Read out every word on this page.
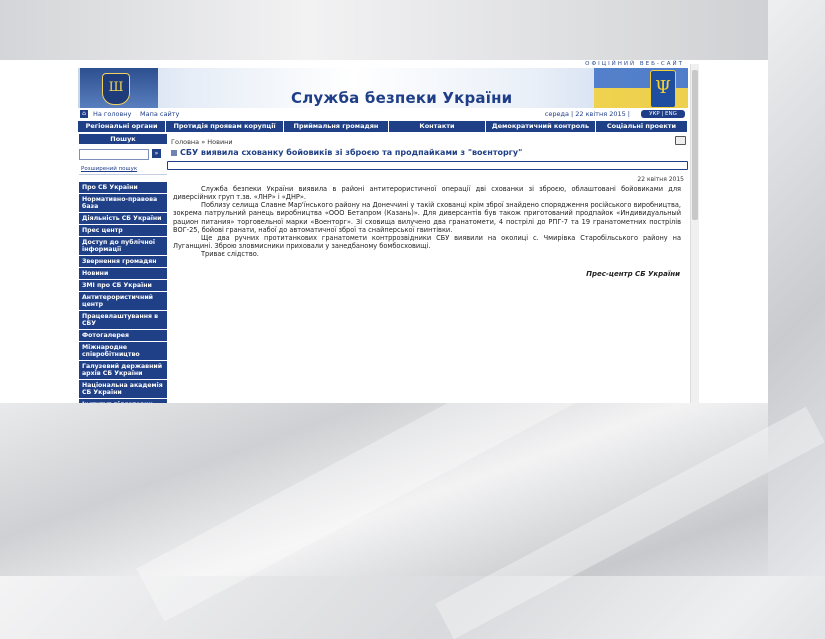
ОФІЦІЙНИЙ ВЕБ-САЙТ
Ш
Служба безпеки України	Ψ
⌂	На головну Мапа сайту	середа | 22 квітня 2015 |	УКР | ENG
Регіональні органи	Протидія проявам корупції	Приймальня громадян	Контакти	Демократичний контроль	Соціальні проекти
Пошук
»
Розширений пошук
Про СБ України
Нормативно-правова база
Діяльність СБ України
Прес центр
Доступ до публічної інформації
Звернення громадян
Новини
ЗМІ про СБ України
Антитерористичний центр
Працевлаштування в СБУ
Фотогалерея
Міжнародне співробітництво
Галузевий державний архів СБ України
Національна академія СБ України
Головна » Новини
СБУ виявила схованку бойовиків зі зброєю та продпайками з "воєнторгу"
22 квітня 2015

Служба безпеки України виявила в районі антитерористичної операції дві схованки зі зброєю, облаштовані бойовиками для диверсійних груп т.зв. «ЛНР» і «ДНР».

Поблизу селища Славне Мар'їнського району на Донеччині у такій схованці крім зброї знайдено спорядження російського виробництва, зокрема патрульний ранець виробництва «ООО Бетапром (Казань)». Для диверсантів був також приготований продпайок «Индивидуальный рацион питания» торговельної марки «Военторг». Зі сховища вилучено два гранатомети, 4 пострілі до РПГ-7 та 19 гранатометних пострілів ВОГ-25, бойові гранати, набої до автоматичної зброї та снайперської гвинтівки.

Ще два ручних протитанкових гранатомети контррозвідники СБУ виявили на околиці с. Чмирівка Старобільського району на Луганщині. Зброю зловмисники приховали у занедбаному бомбосховищі.

Триває слідство.

Прес-центр СБ України
